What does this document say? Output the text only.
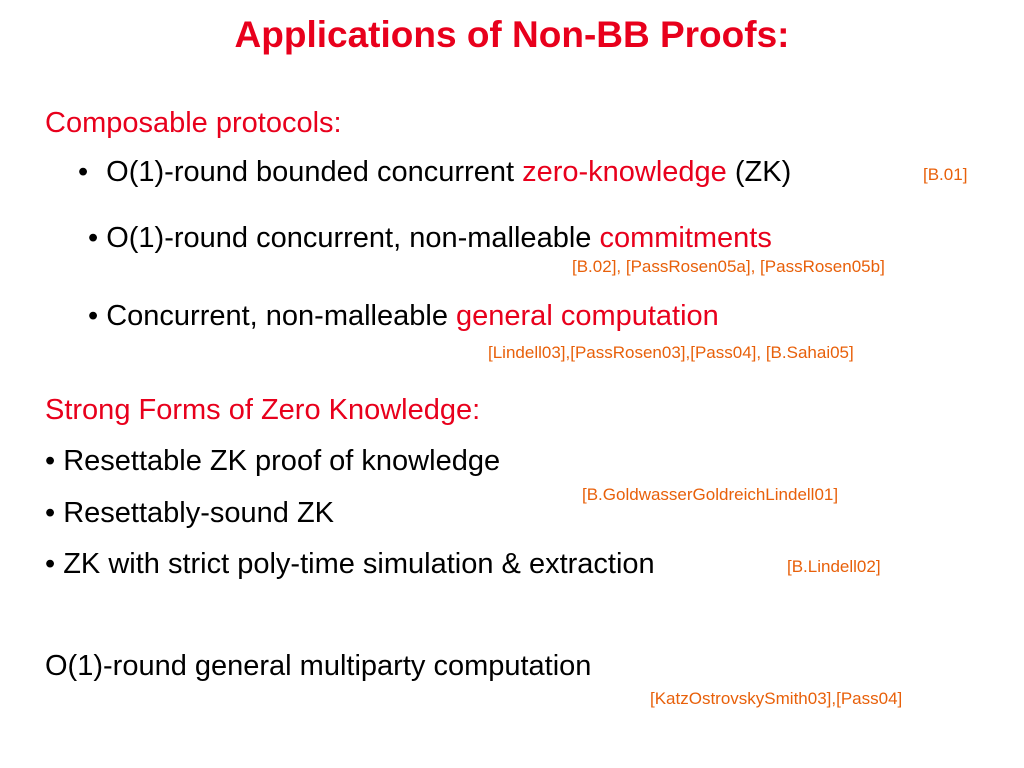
Applications of Non-BB Proofs:
Composable protocols:
• O(1)-round bounded concurrent zero-knowledge (ZK)	[B.01]
• O(1)-round concurrent, non-malleable commitments
[B.02], [PassRosen05a], [PassRosen05b]
• Concurrent, non-malleable general computation
[Lindell03],[PassRosen03],[Pass04], [B.Sahai05]
Strong Forms of Zero Knowledge:
• Resettable ZK proof of knowledge
• Resettably-sound ZK
• ZK with strict poly-time simulation & extraction
[B.GoldwasserGoldreichLindell01]
[B.Lindell02]
O(1)-round general multiparty computation
[KatzOstrovskySmith03],[Pass04]
